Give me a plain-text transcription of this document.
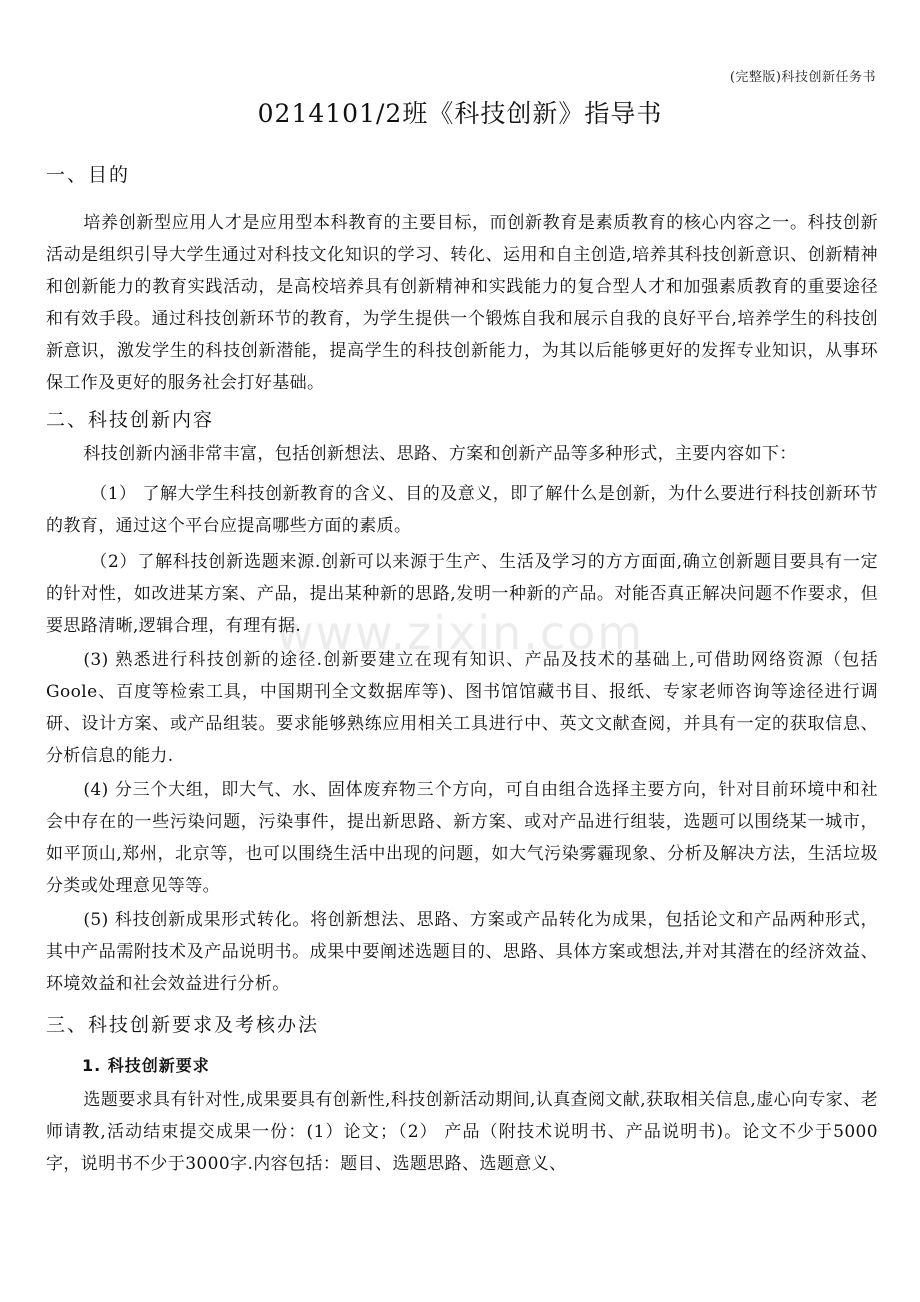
(完整版)科技创新任务书
0214101/2班《科技创新》指导书
www.zixin.com
一、目的

培养创新型应用人才是应用型本科教育的主要目标，而创新教育是素质教育的核心内容之一。科技创新活动是组织引导大学生通过对科技文化知识的学习、转化、运用和自主创造,培养其科技创新意识、创新精神和创新能力的教育实践活动，是高校培养具有创新精神和实践能力的复合型人才和加强素质教育的重要途径和有效手段。通过科技创新环节的教育，为学生提供一个锻炼自我和展示自我的良好平台,培养学生的科技创新意识，激发学生的科技创新潜能，提高学生的科技创新能力，为其以后能够更好的发挥专业知识，从事环保工作及更好的服务社会打好基础。

二、科技创新内容

科技创新内涵非常丰富，包括创新想法、思路、方案和创新产品等多种形式，主要内容如下：

（1） 了解大学生科技创新教育的含义、目的及意义，即了解什么是创新，为什么要进行科技创新环节的教育，通过这个平台应提高哪些方面的素质。

（2）了解科技创新选题来源.创新可以来源于生产、生活及学习的方方面面,确立创新题目要具有一定的针对性，如改进某方案、产品，提出某种新的思路,发明一种新的产品。对能否真正解决问题不作要求，但要思路清晰,逻辑合理，有理有据.

(3) 熟悉进行科技创新的途径.创新要建立在现有知识、产品及技术的基础上,可借助网络资源（包括Goole、百度等检索工具，中国期刊全文数据库等)、图书馆馆藏书目、报纸、专家老师咨询等途径进行调研、设计方案、或产品组装。要求能够熟练应用相关工具进行中、英文文献查阅，并具有一定的获取信息、分析信息的能力.

(4) 分三个大组，即大气、水、固体废弃物三个方向，可自由组合选择主要方向，针对目前环境中和社会中存在的一些污染问题，污染事件，提出新思路、新方案、或对产品进行组装，选题可以围绕某一城市，如平顶山,郑州，北京等，也可以围绕生活中出现的问题，如大气污染雾霾现象、分析及解决方法，生活垃圾分类或处理意见等等。

(5) 科技创新成果形式转化。将创新想法、思路、方案或产品转化为成果，包括论文和产品两种形式，其中产品需附技术及产品说明书。成果中要阐述选题目的、思路、具体方案或想法,并对其潜在的经济效益、环境效益和社会效益进行分析。

三、科技创新要求及考核办法
1. 科技创新要求

选题要求具有针对性,成果要具有创新性,科技创新活动期间,认真查阅文献,获取相关信息,虚心向专家、老师请教,活动结束提交成果一份：(1）论文；（2） 产品（附技术说明书、产品说明书)。论文不少于5000字，说明书不少于3000字.内容包括：题目、选题思路、选题意义、
